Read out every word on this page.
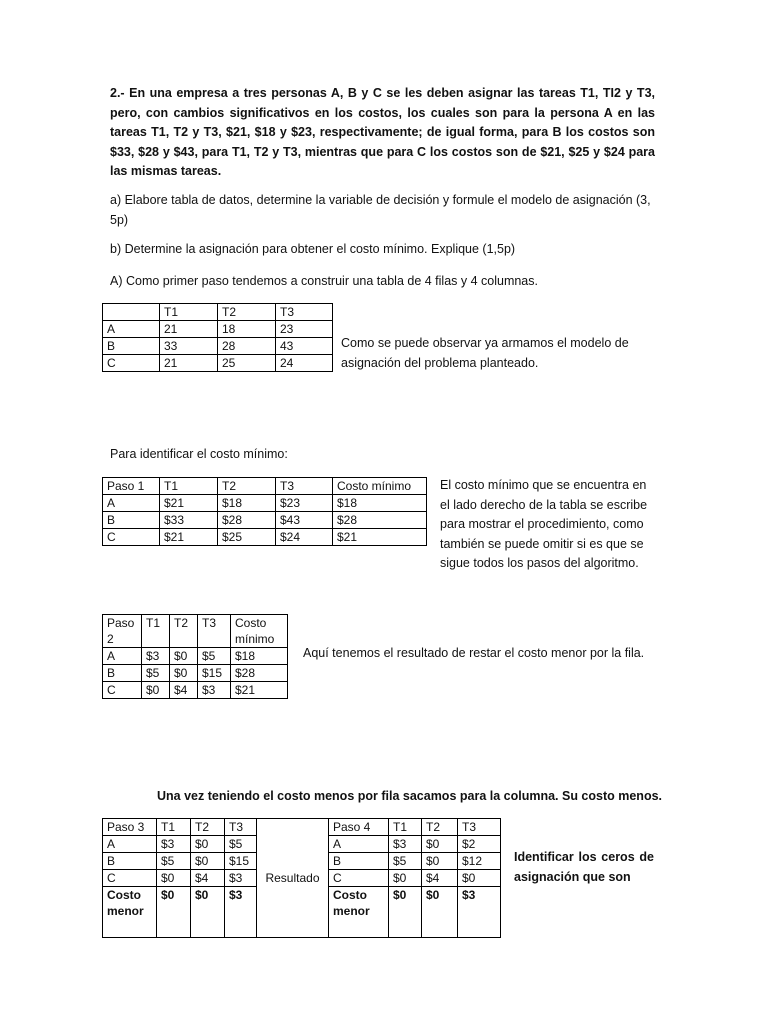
2.- En una empresa a tres personas A, B y C se les deben asignar las tareas T1, TI2 y T3, pero, con cambios significativos en los costos, los cuales son para la persona A en las tareas T1, T2 y T3, $21, $18 y $23, respectivamente; de igual forma, para B los costos son $33, $28 y $43, para T1, T2 y T3, mientras que para C los costos son de $21, $25 y $24 para las mismas tareas.

a) Elabore tabla de datos, determine la variable de decisión y formule el modelo de asignación (3, 5p)

b) Determine la asignación para obtener el costo mínimo. Explique (1,5p)

A) Como primer paso tendemos a construir una tabla de 4 filas y 4 columnas.

	T1	T2	T3
A	21	18	23
B	33	28	43
C	21	25	24

Como se puede observar ya armamos el modelo de asignación del problema planteado.

Para identificar el costo mínimo:

Paso 1	T1	T2	T3	Costo mínimo
A	$21	$18	$23	$18
B	$33	$28	$43	$28
C	$21	$25	$24	$21

El costo mínimo que se encuentra en el lado derecho de la tabla se escribe para mostrar el procedimiento, como también se puede omitir si es que se sigue todos los pasos del algoritmo.

Paso 2	T1	T2	T3	Costo mínimo
A	$3	$0	$5	$18
B	$5	$0	$15	$28
C	$0	$4	$3	$21

Aquí tenemos el resultado de restar el costo menor por la fila.

Una vez teniendo el costo menos por fila sacamos para la columna. Su costo menos.

Paso 3	T1	T2	T3	Resultado	Paso 4	T1	T2	T3
A	$3	$0	$5		A	$3	$0	$2
B	$5	$0	$15		B	$5	$0	$12
C	$0	$4	$3		C	$0	$4	$0
Costo menor	$0	$0	$3		Costo menor	$0	$0	$3

Identificar los ceros de asignación que son
